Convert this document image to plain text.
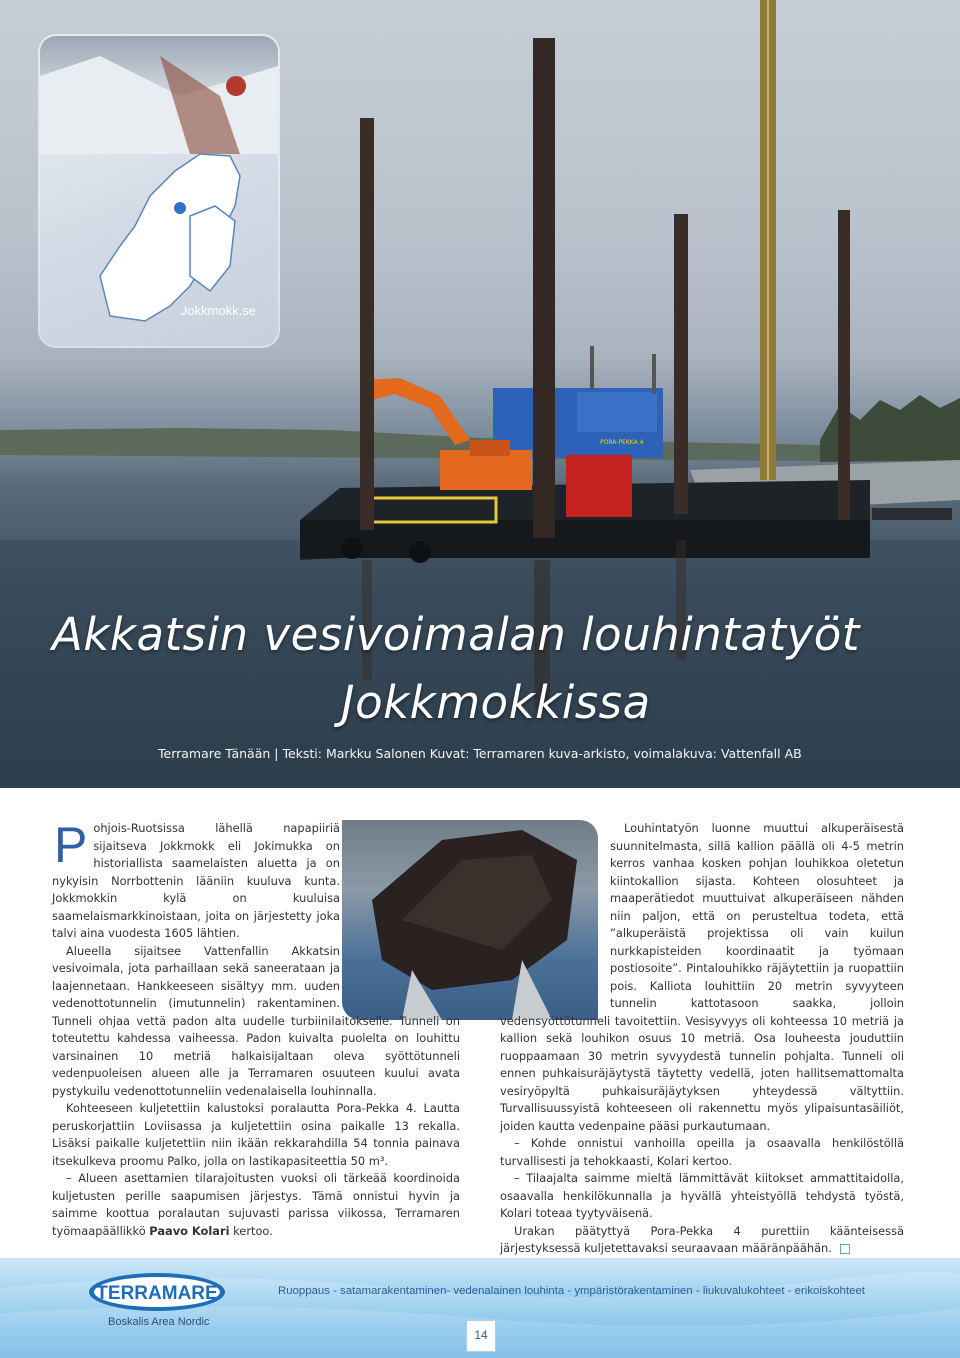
PORA-PEKKA 4
Jokkmokk.se
Akkatsin vesivoimalan louhintatyöt
Jokkmokkissa
Terramare Tänään | Teksti: Markku Salonen Kuvat: Terramaren kuva-arkisto, voimalakuva: Vattenfall AB
P ohjois-Ruotsissa lähellä napapiiriä sijaitseva Jokkmokk eli Jokimukka on historiallista saamelaisten aluetta ja on nykyisin Norrbottenin lääniin kuuluva kunta. Jokkmokkin kylä on kuuluisa saamelaismarkkinoistaan, joita on järjestetty joka talvi aina vuodesta 1605 lähtien.

Alueella sijaitsee Vattenfallin Akkatsin vesivoimala, jota parhaillaan sekä saneerataan ja laajennetaan. Hankkeeseen sisältyy mm. uuden vedenottotunnelin (imutunnelin) rakentaminen. Tunneli ohjaa vettä padon alta uudelle turbiinilaitokselle. Tunneli on toteutettu kahdessa vaiheessa. Padon kuivalta puolelta on louhittu varsinainen 10 metriä halkaisijaltaan oleva syöttötunneli vedenpuoleisen alueen alle ja Terramaren osuuteen kuului avata pystykuilu vedenottotunneliin vedenalaisella louhinnalla.

Kohteeseen kuljetettiin kalustoksi poralautta Pora-Pekka 4. Lautta peruskorjattiin Loviisassa ja kuljetettiin osina paikalle 13 rekalla. Lisäksi paikalle kuljetettiin niin ikään rekkarahdilla 54 tonnia painava itsekulkeva proomu Palko, jolla on lastikapasiteettia 50 m³.

– Alueen asettamien tilarajoitusten vuoksi oli tärkeää koordinoida kuljetusten perille saapumisen järjestys. Tämä onnistui hyvin ja saimme koottua poralautan sujuvasti parissa viikossa, Terramaren työmaapäällikkö Paavo Kolari kertoo.

Louhintatyön luonne muuttui alkuperäisestä suunnitelmasta, sillä kallion päällä oli 4-5 metrin kerros vanhaa kosken pohjan louhikkoa oletetun kiintokallion sijasta. Kohteen olosuhteet ja maaperätiedot muuttuivat alkuperäiseen nähden niin paljon, että on perusteltua todeta, että ”alkuperäistä projektissa oli vain kuilun nurkkapisteiden koordinaatit ja työmaan postiosoite”. Pintalouhikko räjäytettiin ja ruopattiin pois. Kalliota louhittiin 20 metrin syvyyteen tunnelin kattotasoon saakka, jolloin vedensyöttötunneli tavoitettiin. Vesisyvyys oli kohteessa 10 metriä ja kallion sekä louhikon osuus 10 metriä. Osa louheesta jouduttiin ruoppaamaan 30 metrin syvyydestä tunnelin pohjalta. Tunneli oli ennen puhkaisuräjäytystä täytetty vedellä, joten hallitsemattomalta vesiryöpyltä puhkaisuräjäytyksen yhteydessä vältyttiin. Turvallisuussyistä kohteeseen oli rakennettu myös ylipaisuntasäiliöt, joiden kautta vedenpaine pääsi purkautumaan.

– Kohde onnistui vanhoilla opeilla ja osaavalla henkilöstöllä turvallisesti ja tehokkaasti, Kolari kertoo.

– Tilaajalta saimme mieltä lämmittävät kiitokset ammattitaidolla, osaavalla henkilökunnalla ja hyvällä yhteistyöllä tehdystä työstä, Kolari toteaa tyytyväisenä.

Urakan päätyttyä Pora-Pekka 4 purettiin käänteisessä järjestyksessä kuljetettavaksi seuraavaan määränpäähän.

TERRAMARE
Boskalis Area Nordic
Ruoppaus - satamarakentaminen- vedenalainen louhinta - ympäristörakentaminen - liukuvalukohteet - erikoiskohteet
14
